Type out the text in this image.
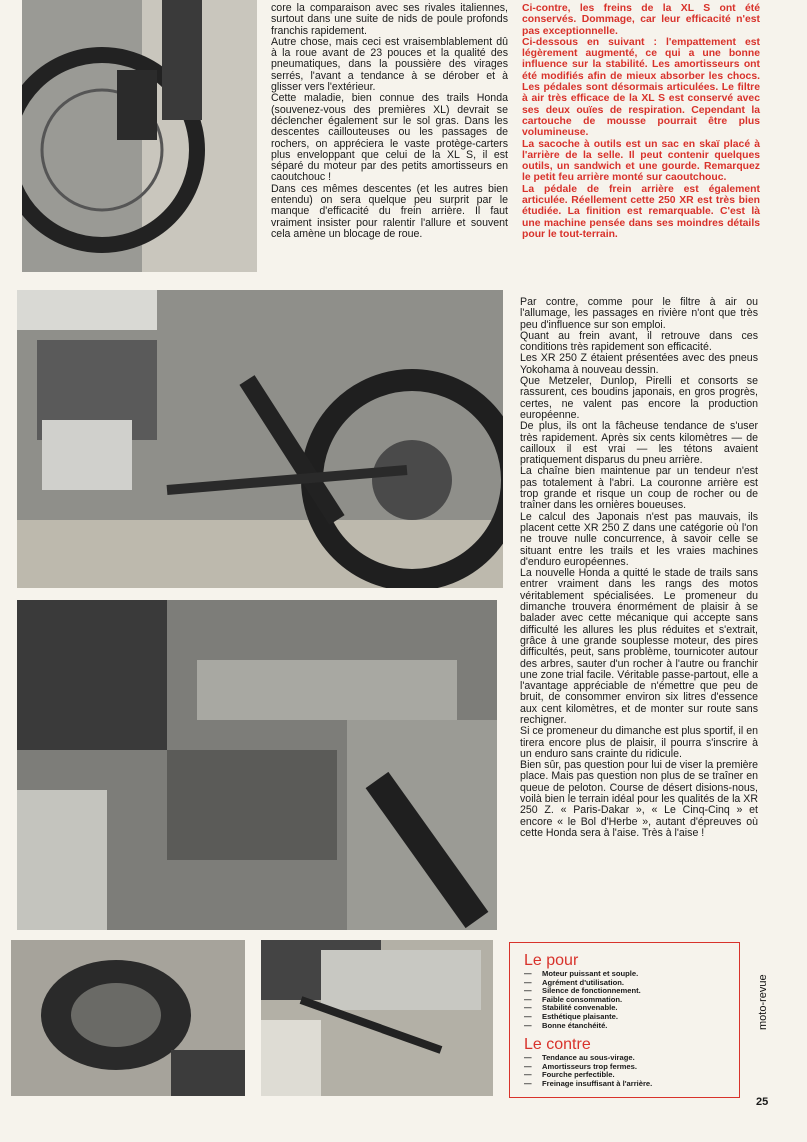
core la comparaison avec ses rivales italiennes, surtout dans une suite de nids de poule profonds franchis rapidement.

Autre chose, mais ceci est vraisemblablement dû à la roue avant de 23 pouces et la qualité des pneumatiques, dans la poussière des virages serrés, l'avant a tendance à se dérober et à glisser vers l'extérieur.

Cette maladie, bien connue des trails Honda (souvenez-vous des premières XL) devrait se déclencher également sur le sol gras. Dans les descentes caillouteuses ou les passages de rochers, on appréciera le vaste protège-carters plus enveloppant que celui de la XL S, il est séparé du moteur par des petits amortisseurs en caoutchouc !

Dans ces mêmes descentes (et les autres bien entendu) on sera quelque peu surprit par le manque d'efficacité du frein arrière. Il faut vraiment insister pour ralentir l'allure et souvent cela amène un blocage de roue.

Ci-contre, les freins de la XL S ont été conservés. Dommage, car leur efficacité n'est pas exceptionnelle.

Ci-dessous en suivant : l'empattement est légèrement augmenté, ce qui a une bonne influence sur la stabilité. Les amortisseurs ont été modifiés afin de mieux absorber les chocs. Les pédales sont désormais articulées. Le filtre à air très efficace de la XL S est conservé avec ses deux ouïes de respiration. Cependant la cartouche de mousse pourrait être plus volumineuse.

La sacoche à outils est un sac en skaï placé à l'arrière de la selle. Il peut contenir quelques outils, un sandwich et une gourde. Remarquez le petit feu arrière monté sur caoutchouc.

La pédale de frein arrière est également articulée. Réellement cette 250 XR est très bien étudiée. La finition est remarquable. C'est là une machine pensée dans ses moindres détails pour le tout-terrain.

Par contre, comme pour le filtre à air ou l'allumage, les passages en rivière n'ont que très peu d'influence sur son emploi.

Quant au frein avant, il retrouve dans ces conditions très rapidement son efficacité.

Les XR 250 Z étaient présentées avec des pneus Yokohama à nouveau dessin.

Que Metzeler, Dunlop, Pirelli et consorts se rassurent, ces boudins japonais, en gros progrès, certes, ne valent pas encore la production européenne.

De plus, ils ont la fâcheuse tendance de s'user très rapidement. Après six cents kilomètres — de cailloux il est vrai — les tétons avaient pratiquement disparus du pneu arrière.

La chaîne bien maintenue par un tendeur n'est pas totalement à l'abri. La couronne arrière est trop grande et risque un coup de rocher ou de traîner dans les ornières boueuses.

Le calcul des Japonais n'est pas mauvais, ils placent cette XR 250 Z dans une catégorie où l'on ne trouve nulle concurrence, à savoir celle se situant entre les trails et les vraies machines d'enduro européennes.

La nouvelle Honda a quitté le stade de trails sans entrer vraiment dans les rangs des motos véritablement spécialisées. Le promeneur du dimanche trouvera énormément de plaisir à se balader avec cette mécanique qui accepte sans difficulté les allures les plus réduites et s'extrait, grâce à une grande souplesse moteur, des pires difficultés, peut, sans problème, tournicoter autour des arbres, sauter d'un rocher à l'autre ou franchir une zone trial facile. Véritable passe-partout, elle a l'avantage appréciable de n'émettre que peu de bruit, de consommer environ six litres d'essence aux cent kilomètres, et de monter sur route sans rechigner.

Si ce promeneur du dimanche est plus sportif, il en tirera encore plus de plaisir, il pourra s'inscrire à un enduro sans crainte du ridicule.

Bien sûr, pas question pour lui de viser la première place. Mais pas question non plus de se traîner en queue de peloton. Course de désert disions-nous, voilà bien le terrain idéal pour les qualités de la XR 250 Z. « Paris-Dakar », « Le Cinq-Cinq » et encore « le Bol d'Herbe », autant d'épreuves où cette Honda sera à l'aise. Très à l'aise !

Le pour
— Moteur puissant et souple.
— Agrément d'utilisation.
— Silence de fonctionnement.
— Faible consommation.
— Stabilité convenable.
— Esthétique plaisante.
— Bonne étanchéité.
Le contre
— Tendance au sous-virage.
— Amortisseurs trop fermes.
— Fourche perfectible.
— Freinage insuffisant à l'arrière.
moto-revue
25
